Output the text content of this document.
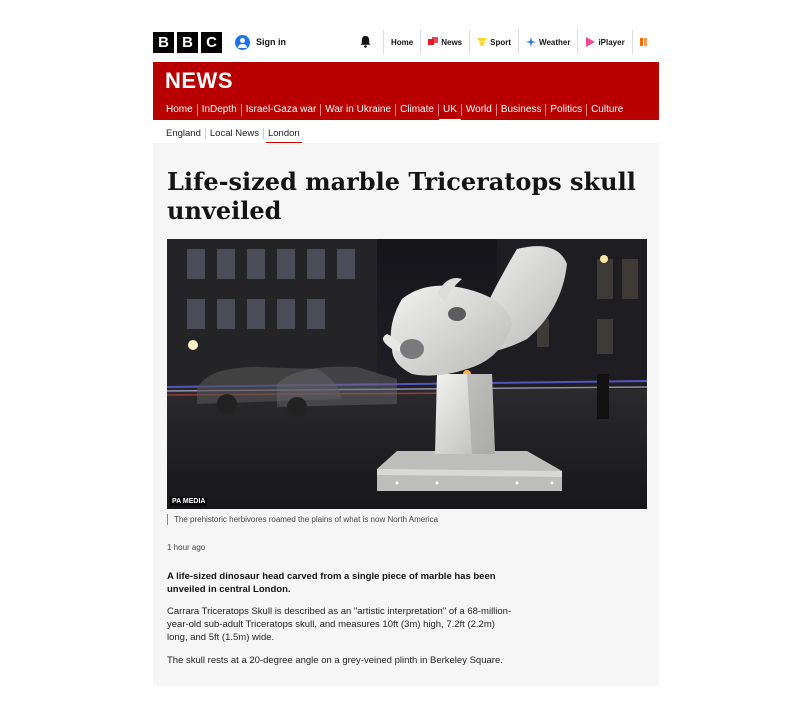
B B C	Sign in	Home	News	Sport	Weather	iPlayer
NEWS
Home InDepth Israel-Gaza war War in Ukraine Climate UK World Business Politics Culture
England Local News London
Life-sized marble Triceratops skull unveiled
PA MEDIA
The prehistoric herbivores roamed the plains of what is now North America
1 hour ago

A life-sized dinosaur head carved from a single piece of marble has been unveiled in central London.

Carrara Triceratops Skull is described as an "artistic interpretation" of a 68-million-year-old sub-adult Triceratops skull, and measures 10ft (3m) high, 7.2ft (2.2m) long, and 5ft (1.5m) wide.

The skull rests at a 20-degree angle on a grey-veined plinth in Berkeley Square.
